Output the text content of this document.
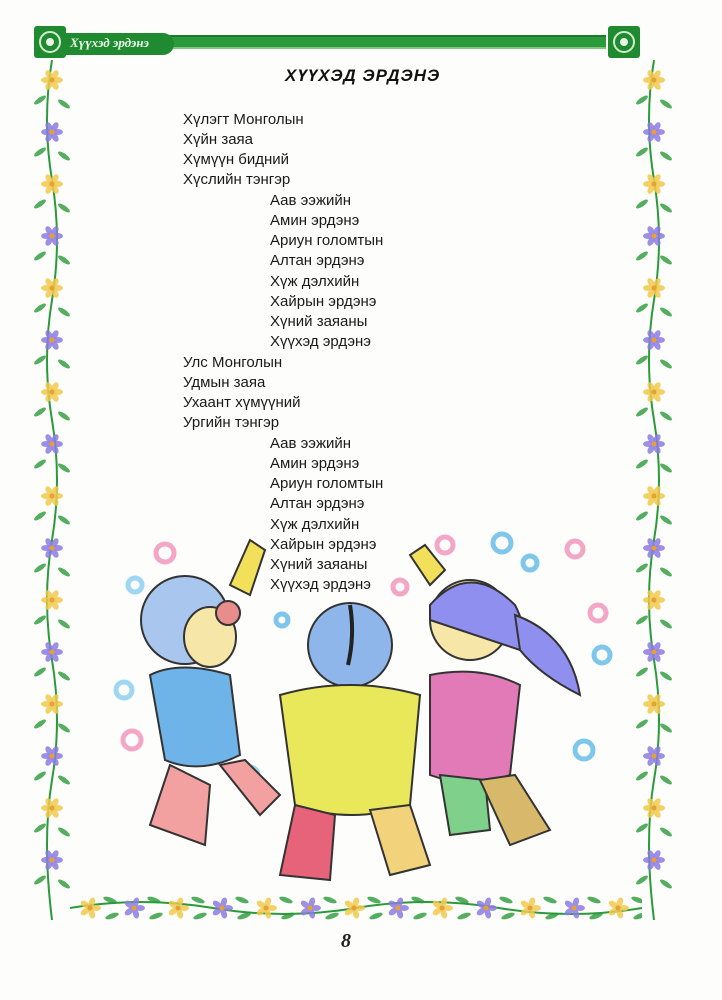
Хүүхэд эрдэнэ
ХҮҮХЭД ЭРДЭНЭ
Хүлэгт Монголын
Хүйн заяа
Хүмүүн бидний
Хүслийн тэнгэр
Аав ээжийн
Амин эрдэнэ
Ариун голомтын
Алтан эрдэнэ
Хүж дэлхийн
Хайрын эрдэнэ
Хүний заяаны
Хүүхэд эрдэнэ
Улс Монголын
Удмын заяа
Ухаант хүмүүний
Ургийн тэнгэр
Аав ээжийн
Амин эрдэнэ
Ариун голомтын
Алтан эрдэнэ
Хүж дэлхийн
Хайрын эрдэнэ
Хүний заяаны
Хүүхэд эрдэнэ
8
